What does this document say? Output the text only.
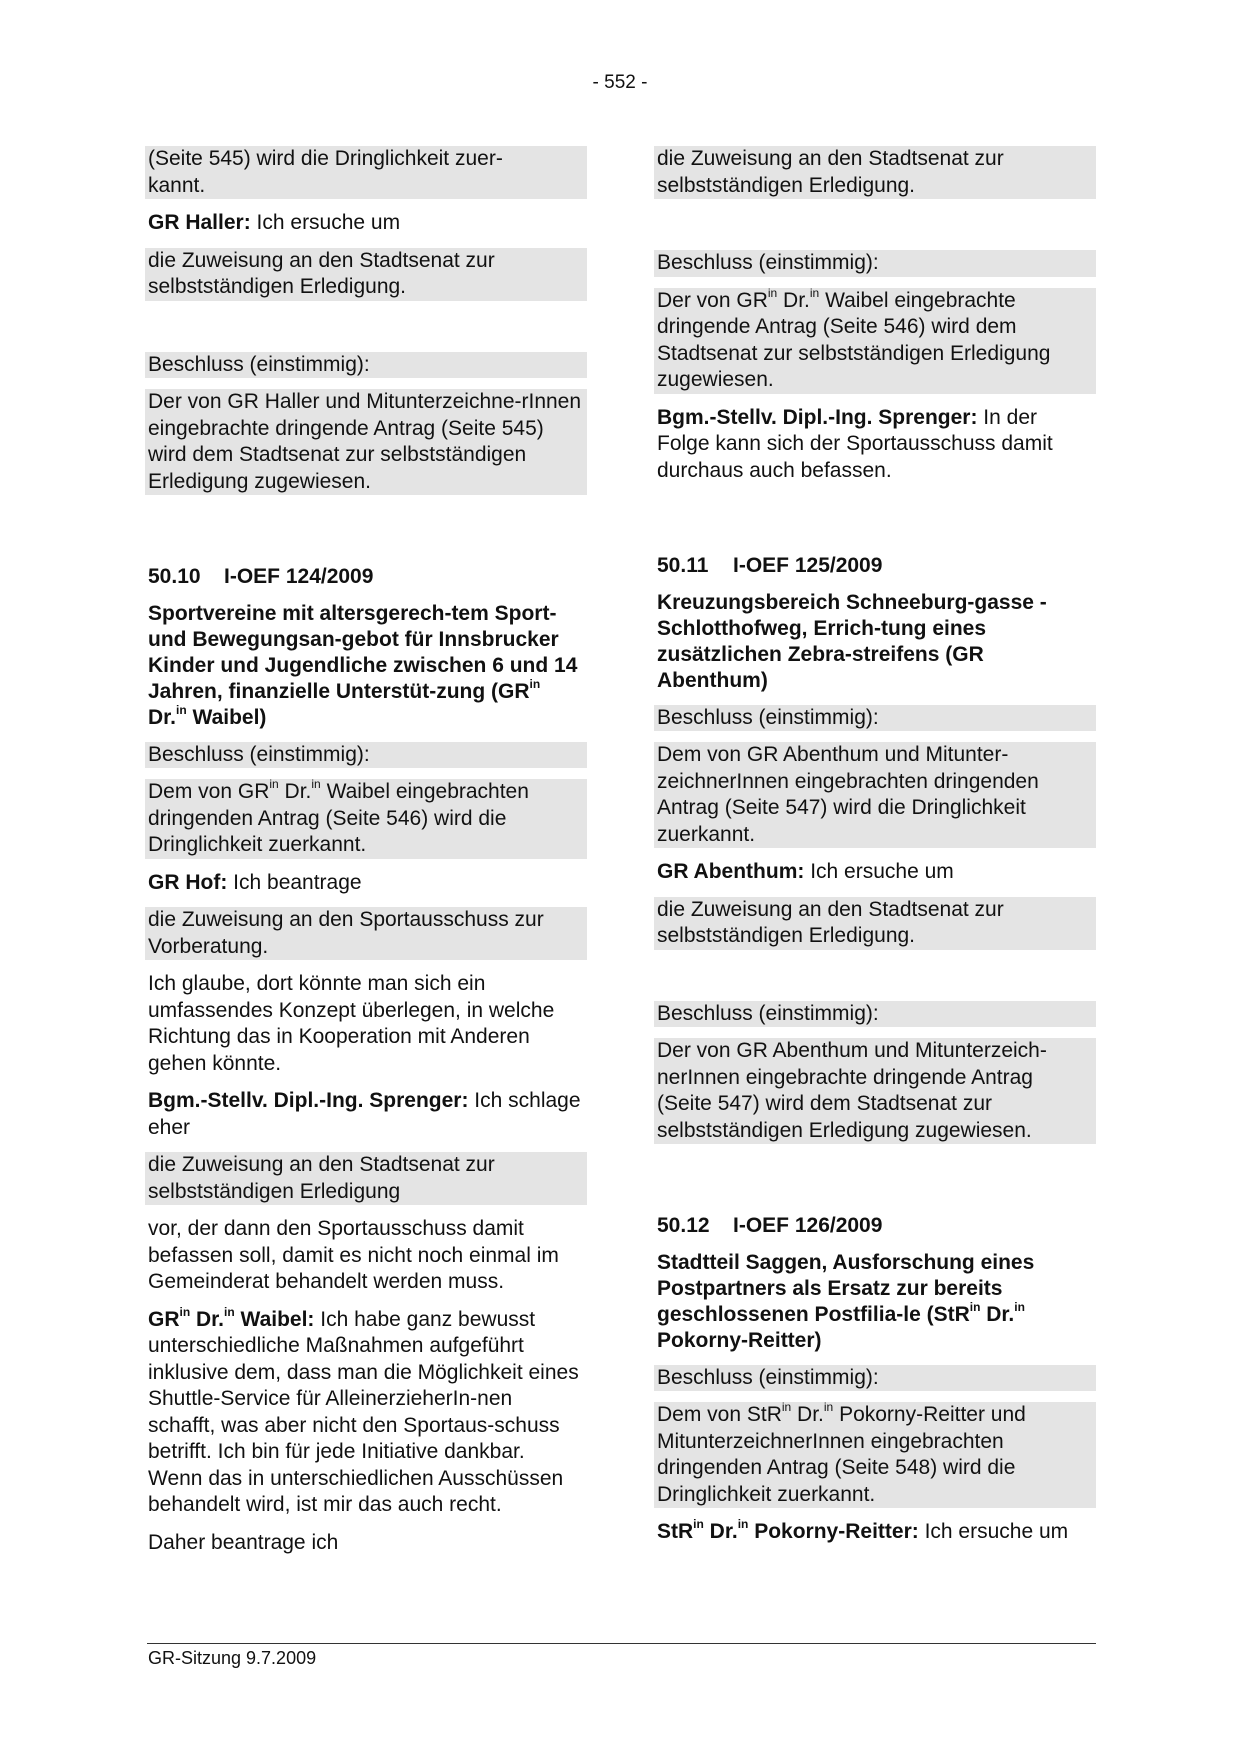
- 552 -

(Seite 545) wird die Dringlichkeit zuer-
kannt.

GR Haller: Ich ersuche um

die Zuweisung an den Stadtsenat zur selbstständigen Erledigung.

Beschluss (einstimmig):

Der von GR Haller und Mitunterzeichne-rInnen eingebrachte dringende Antrag (Seite 545) wird dem Stadtsenat zur selbstständigen Erledigung zugewiesen.

50.10	I-OEF 124/2009

Sportvereine mit altersgerech-tem Sport- und Bewegungsan-gebot für Innsbrucker Kinder und Jugendliche zwischen 6 und 14 Jahren, finanzielle Unterstüt-zung ($GR^{in}$ Dr.$^{in}$ Waibel)

Beschluss (einstimmig):

Dem von $GR^{in}$ Dr.$^{in}$ Waibel eingebrachten dringenden Antrag (Seite 546) wird die Dringlichkeit zuerkannt.

GR Hof: Ich beantrage

die Zuweisung an den Sportausschuss zur Vorberatung.

Ich glaube, dort könnte man sich ein umfassendes Konzept überlegen, in welche Richtung das in Kooperation mit Anderen gehen könnte.

Bgm.-Stellv. Dipl.-Ing. Sprenger: Ich schlage eher

die Zuweisung an den Stadtsenat zur selbstständigen Erledigung

vor, der dann den Sportausschuss damit befassen soll, damit es nicht noch einmal im Gemeinderat behandelt werden muss.

$GR^{in}$ Dr.$^{in}$ Waibel: Ich habe ganz bewusst unterschiedliche Maßnahmen aufgeführt inklusive dem, dass man die Möglichkeit eines Shuttle-Service für AlleinerzieherIn-nen schafft, was aber nicht den Sportaus-schuss betrifft. Ich bin für jede Initiative dankbar. Wenn das in unterschiedlichen Ausschüssen behandelt wird, ist mir das auch recht.

Daher beantrage ich

die Zuweisung an den Stadtsenat zur selbstständigen Erledigung.

Beschluss (einstimmig):

Der von $GR^{in}$ Dr.$^{in}$ Waibel eingebrachte dringende Antrag (Seite 546) wird dem Stadtsenat zur selbstständigen Erledigung zugewiesen.

Bgm.-Stellv. Dipl.-Ing. Sprenger: In der Folge kann sich der Sportausschuss damit durchaus auch befassen.

50.11	I-OEF 125/2009

Kreuzungsbereich Schneeburg-gasse - Schlotthofweg, Errich-tung eines zusätzlichen Zebra-streifens (GR Abenthum)

Beschluss (einstimmig):

Dem von GR Abenthum und Mitunter-zeichnerInnen eingebrachten dringenden Antrag (Seite 547) wird die Dringlichkeit zuerkannt.

GR Abenthum: Ich ersuche um

die Zuweisung an den Stadtsenat zur selbstständigen Erledigung.

Beschluss (einstimmig):

Der von GR Abenthum und Mitunterzeich-nerInnen eingebrachte dringende Antrag (Seite 547) wird dem Stadtsenat zur selbstständigen Erledigung zugewiesen.

50.12	I-OEF 126/2009

Stadtteil Saggen, Ausforschung eines Postpartners als Ersatz zur bereits geschlossenen Postfilia-le (StR$^{in}$ Dr.$^{in}$ Pokorny-Reitter)

Beschluss (einstimmig):

Dem von StR$^{in}$ Dr.$^{in}$ Pokorny-Reitter und MitunterzeichnerInnen eingebrachten dringenden Antrag (Seite 548) wird die Dringlichkeit zuerkannt.

StR$^{in}$ Dr.$^{in}$ Pokorny-Reitter: Ich ersuche um

GR-Sitzung 9.7.2009
